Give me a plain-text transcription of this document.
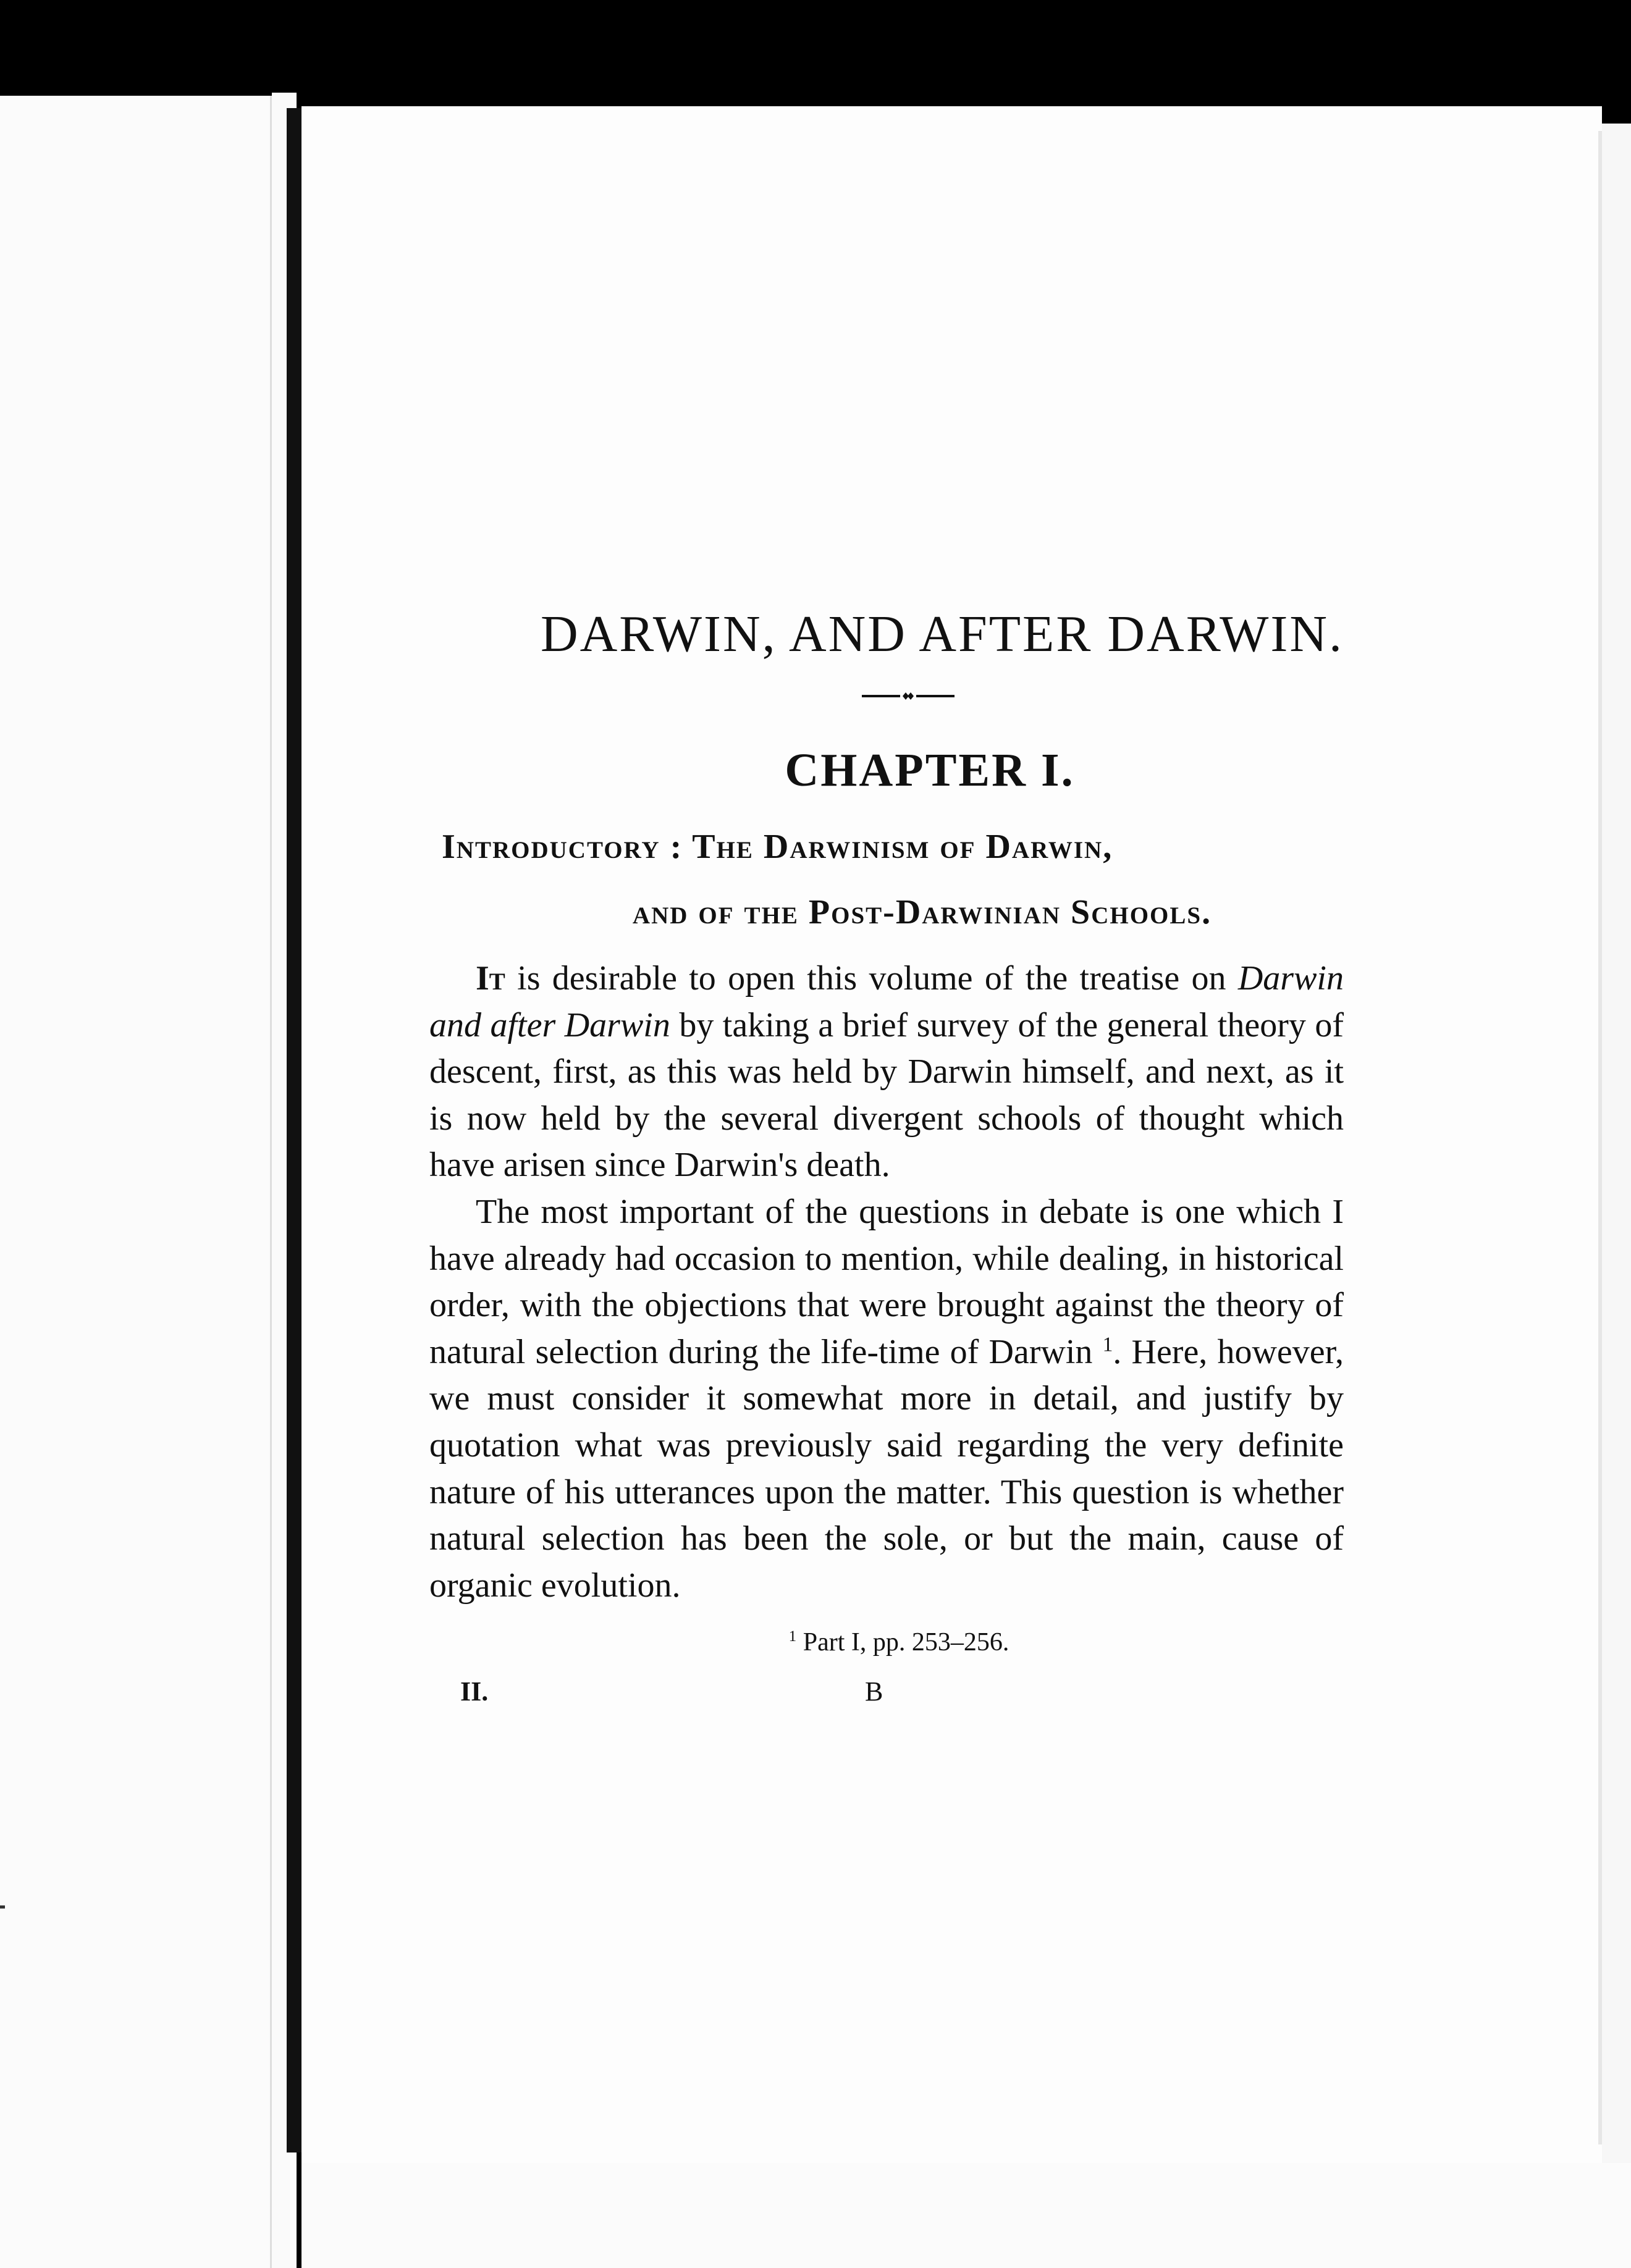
DARWIN, AND AFTER DARWIN.
CHAPTER I.

Introductory : The Darwinism of Darwin,

and of the Post-Darwinian Schools.

It is desirable to open this volume of the treatise on Darwin and after Darwin by taking a brief survey of the general theory of descent, first, as this was held by Darwin himself, and next, as it is now held by the several divergent schools of thought which have arisen since Darwin's death.

The most important of the questions in debate is one which I have already had occasion to mention, while dealing, in historical order, with the objections that were brought against the theory of natural selection during the life-time of Darwin $^1$. Here, however, we must consider it somewhat more in detail, and justify by quotation what was previously said regarding the very definite nature of his utterances upon the matter. This question is whether natural selection has been the sole, or but the main, cause of organic evolution.

$^1$ Part I, pp. 253–256.

II.	B
